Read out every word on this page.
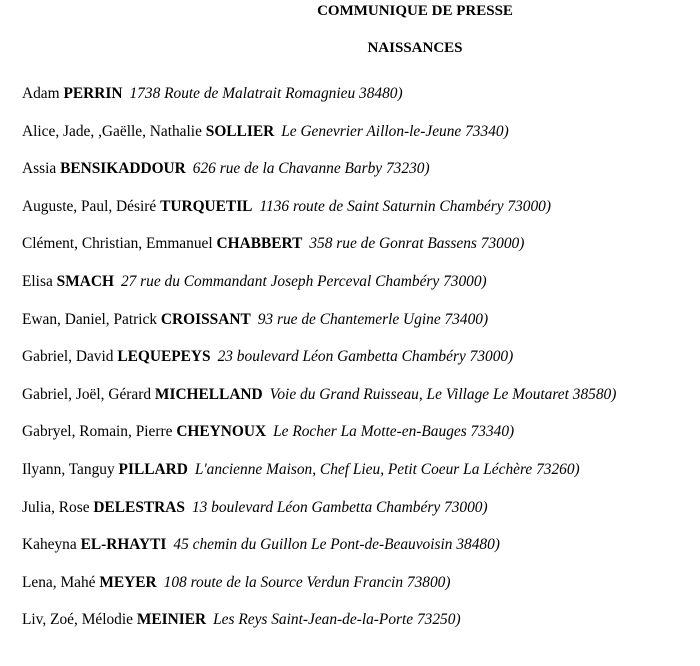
COMMUNIQUE DE PRESSE
NAISSANCES
Adam PERRIN 1738 Route de Malatrait Romagnieu 38480)
Alice, Jade, ,Gaëlle, Nathalie SOLLIER Le Genevrier Aillon-le-Jeune 73340)
Assia BENSIKADDOUR 626 rue de la Chavanne Barby 73230)
Auguste, Paul, Désiré TURQUETIL 1136 route de Saint Saturnin Chambéry 73000)
Clément, Christian, Emmanuel CHABBERT 358 rue de Gonrat Bassens 73000)
Elisa SMACH 27 rue du Commandant Joseph Perceval Chambéry 73000)
Ewan, Daniel, Patrick CROISSANT 93 rue de Chantemerle Ugine 73400)
Gabriel, David LEQUEPEYS 23 boulevard Léon Gambetta Chambéry 73000)
Gabriel, Joël, Gérard MICHELLAND Voie du Grand Ruisseau, Le Village Le Moutaret 38580)
Gabryel, Romain, Pierre CHEYNOUX Le Rocher La Motte-en-Bauges 73340)
Ilyann, Tanguy PILLARD L'ancienne Maison, Chef Lieu, Petit Coeur La Léchère 73260)
Julia, Rose DELESTRAS 13 boulevard Léon Gambetta Chambéry 73000)
Kaheyna EL-RHAYTI 45 chemin du Guillon Le Pont-de-Beauvoisin 38480)
Lena, Mahé MEYER 108 route de la Source Verdun Francin 73800)
Liv, Zoé, Mélodie MEINIER Les Reys Saint-Jean-de-la-Porte 73250)
